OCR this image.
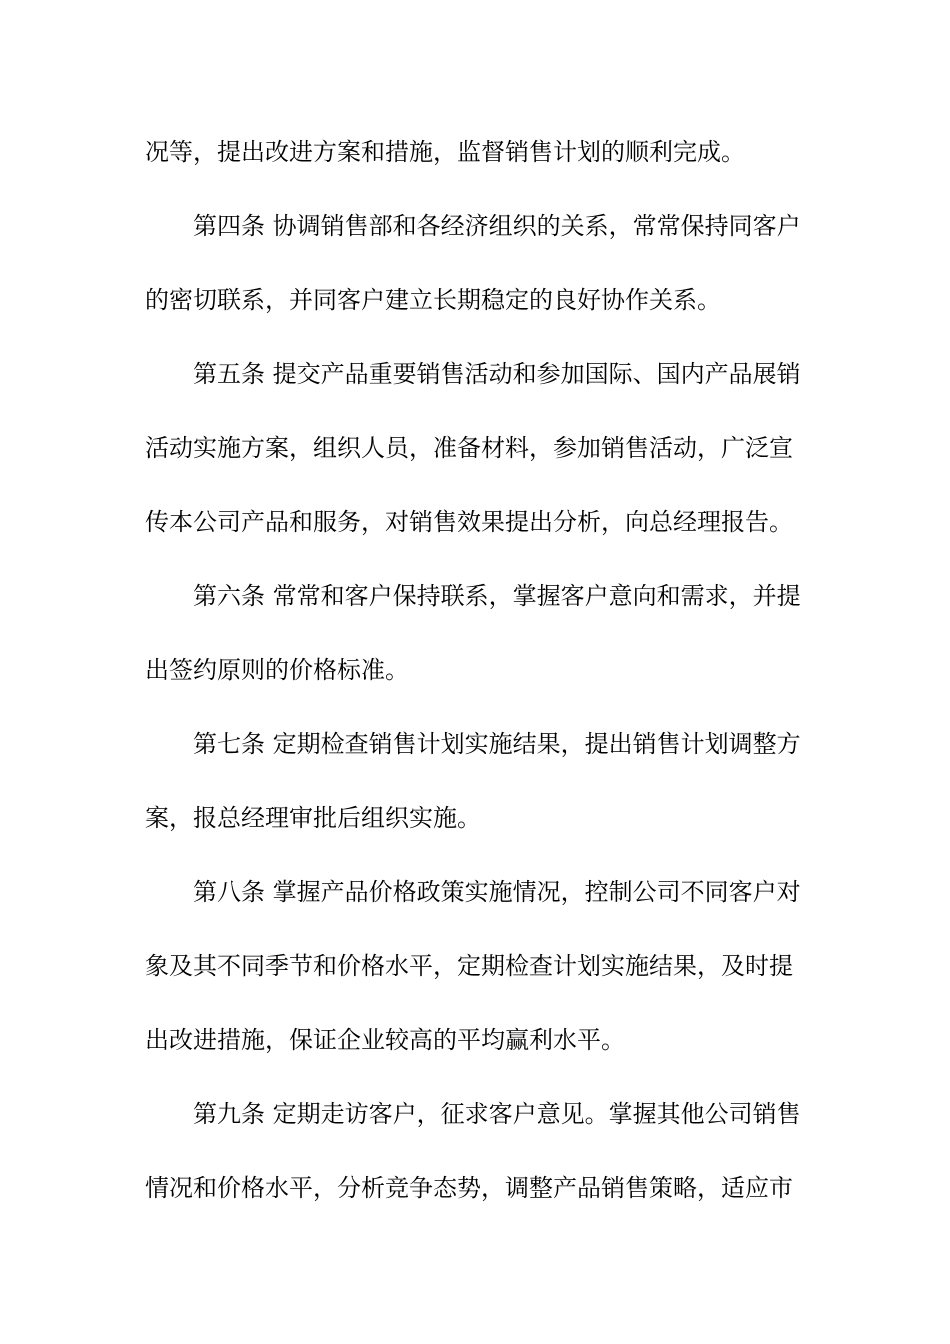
况等，提出改进方案和措施，监督销售计划的顺利完成。
第四条 协调销售部和各经济组织的关系，常常保持同客户
的密切联系，并同客户建立长期稳定的良好协作关系。
第五条 提交产品重要销售活动和参加国际、国内产品展销
活动实施方案，组织人员，准备材料，参加销售活动，广泛宣
传本公司产品和服务，对销售效果提出分析，向总经理报告。
第六条 常常和客户保持联系，掌握客户意向和需求，并提
出签约原则的价格标准。
第七条 定期检查销售计划实施结果，提出销售计划调整方
案，报总经理审批后组织实施。
第八条 掌握产品价格政策实施情况，控制公司不同客户对
象及其不同季节和价格水平，定期检查计划实施结果，及时提
出改进措施，保证企业较高的平均赢利水平。
第九条 定期走访客户，征求客户意见。掌握其他公司销售
情况和价格水平，分析竞争态势，调整产品销售策略，适应市
